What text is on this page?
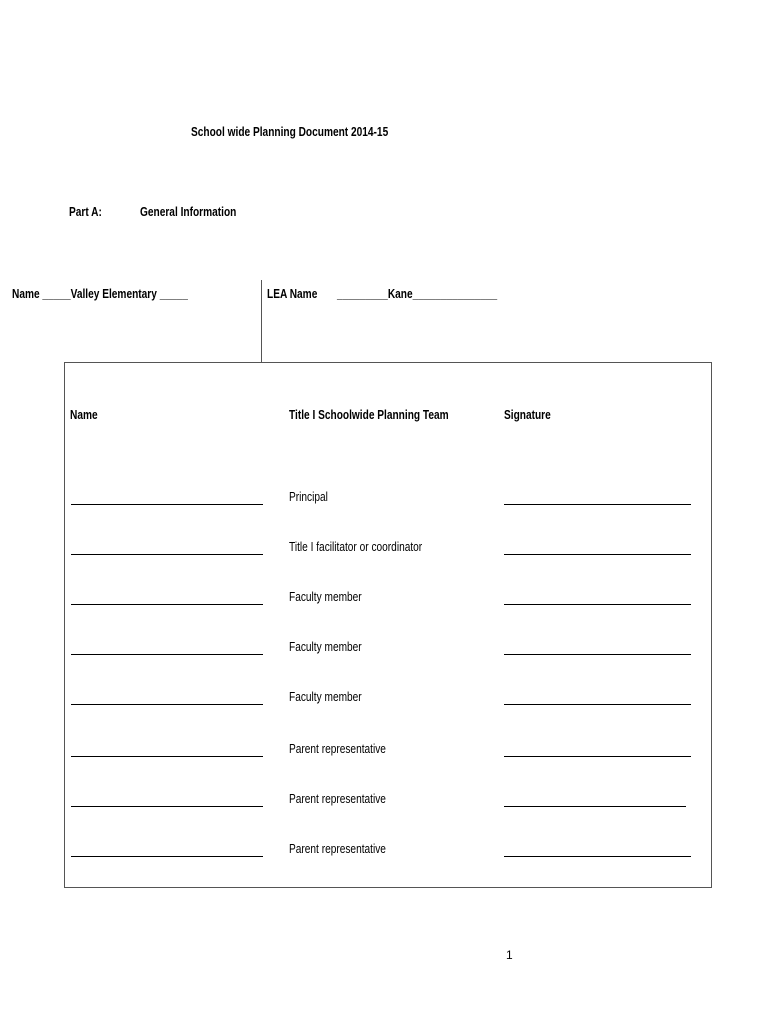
School wide Planning Document 2014-15
Part A:	General Information
Name _____Valley Elementary _____	LEA Name       _________Kane_______________
Name	Title I Schoolwide Planning Team	Signature
Principal
Title I facilitator or coordinator
Faculty member
Faculty member
Faculty member
Parent representative
Parent representative
Parent representative
1
